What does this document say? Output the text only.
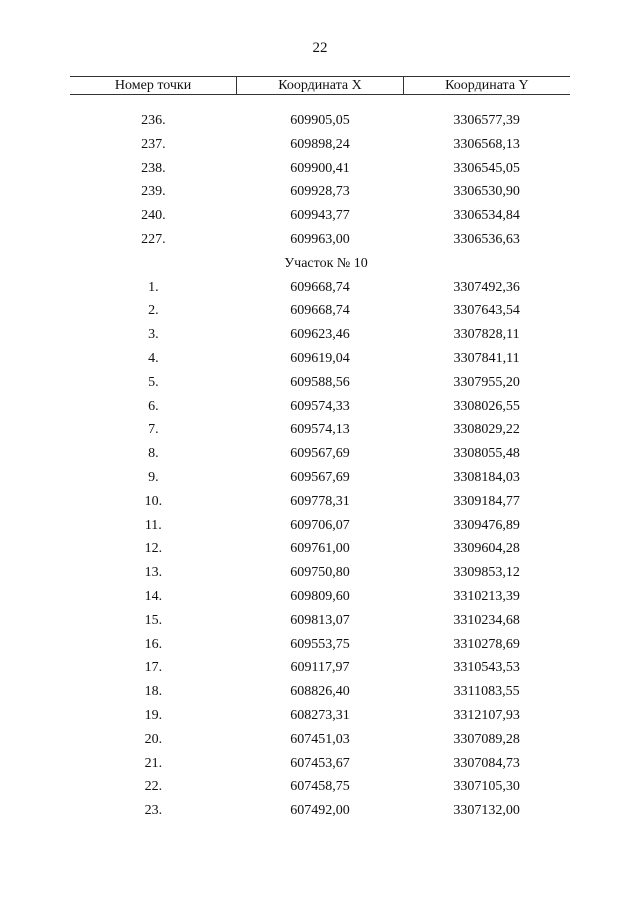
22
Номер точки	Координата X	Координата Y

236.	609905,05	3306577,39
237.	609898,24	3306568,13
238.	609900,41	3306545,05
239.	609928,73	3306530,90
240.	609943,77	3306534,84
227.	609963,00	3306536,63
Участок № 10		
1.	609668,74	3307492,36
2.	609668,74	3307643,54
3.	609623,46	3307828,11
4.	609619,04	3307841,11
5.	609588,56	3307955,20
6.	609574,33	3308026,55
7.	609574,13	3308029,22
8.	609567,69	3308055,48
9.	609567,69	3308184,03
10.	609778,31	3309184,77
11.	609706,07	3309476,89
12.	609761,00	3309604,28
13.	609750,80	3309853,12
14.	609809,60	3310213,39
15.	609813,07	3310234,68
16.	609553,75	3310278,69
17.	609117,97	3310543,53
18.	608826,40	3311083,55
19.	608273,31	3312107,93
20.	607451,03	3307089,28
21.	607453,67	3307084,73
22.	607458,75	3307105,30
23.	607492,00	3307132,00
